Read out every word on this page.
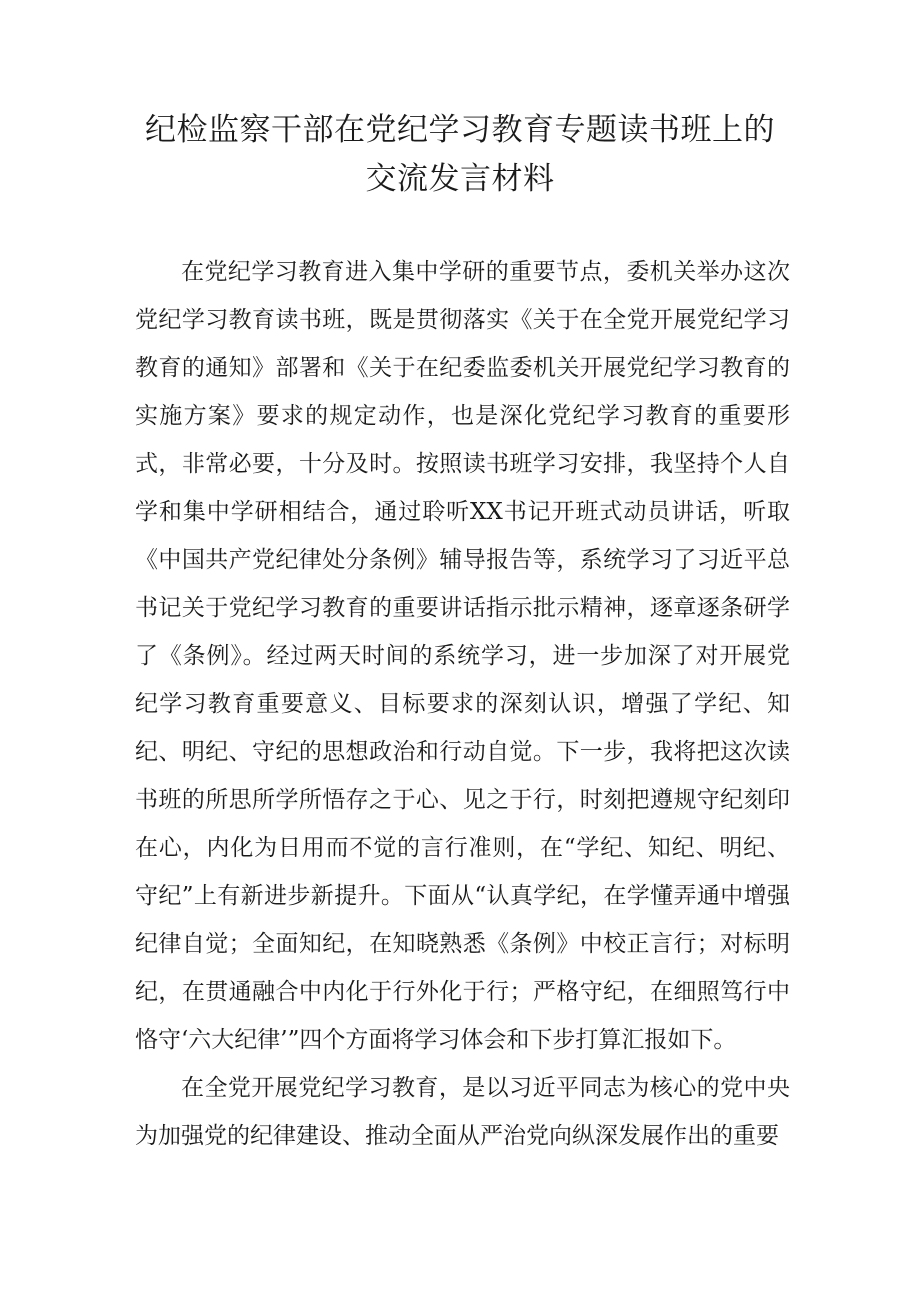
纪检监察干部在党纪学习教育专题读书班上的
交流发言材料

在党纪学习教育进入集中学研的重要节点，委机关举办这次党纪学习教育读书班，既是贯彻落实《关于在全党开展党纪学习教育的通知》部署和《关于在纪委监委机关开展党纪学习教育的实施方案》要求的规定动作，也是深化党纪学习教育的重要形式，非常必要，十分及时。按照读书班学习安排，我坚持个人自学和集中学研相结合，通过聆听XX书记开班式动员讲话，听取《中国共产党纪律处分条例》辅导报告等，系统学习了习近平总书记关于党纪学习教育的重要讲话指示批示精神，逐章逐条研学了《条例》。经过两天时间的系统学习，进一步加深了对开展党纪学习教育重要意义、目标要求的深刻认识，增强了学纪、知纪、明纪、守纪的思想政治和行动自觉。下一步，我将把这次读书班的所思所学所悟存之于心、见之于行，时刻把遵规守纪刻印在心，内化为日用而不觉的言行准则，在“学纪、知纪、明纪、守纪”上有新进步新提升。下面从“认真学纪，在学懂弄通中增强纪律自觉；全面知纪，在知晓熟悉《条例》中校正言行；对标明纪，在贯通融合中内化于行外化于行；严格守纪，在细照笃行中恪守‘六大纪律’”四个方面将学习体会和下步打算汇报如下。

在全党开展党纪学习教育，是以习近平同志为核心的党中央为加强党的纪律建设、推动全面从严治党向纵深发展作出的重要
